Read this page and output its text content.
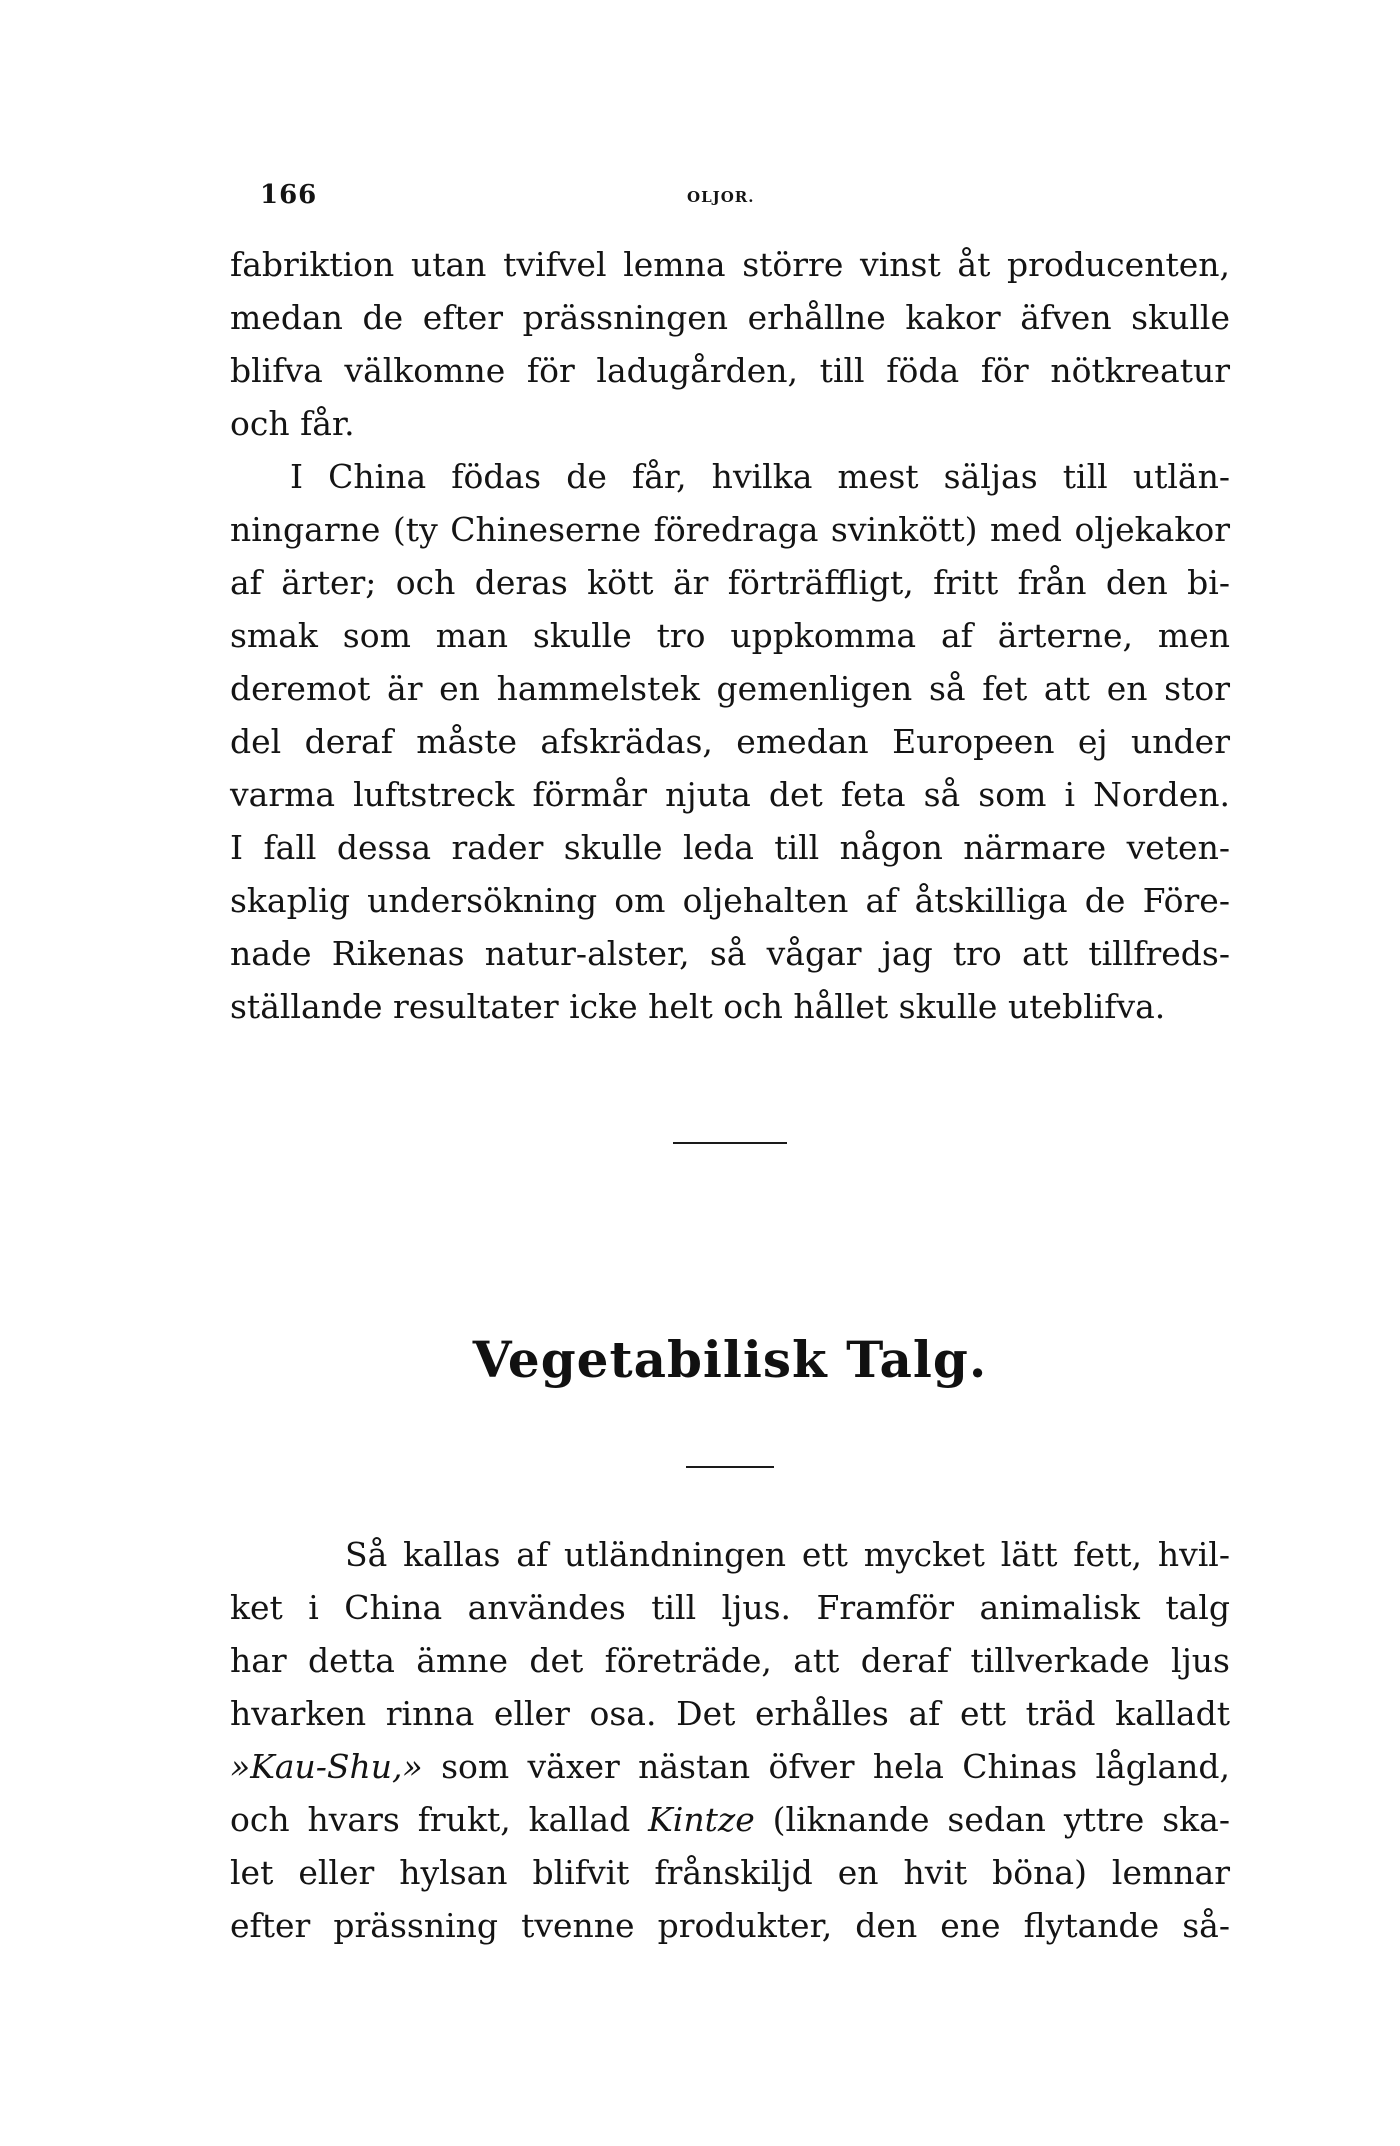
166	OLJOR.
fabriktion utan tvifvel lemna större vinst åt producenten,
medan de efter prässningen erhållne kakor äfven skulle
blifva välkomne för ladugården, till föda för nötkreatur
och får.
I China födas de får, hvilka mest säljas till utlän-
ningarne (ty Chineserne föredraga svinkött) med oljekakor
af ärter; och deras kött är förträffligt, fritt från den bi-
smak som man skulle tro uppkomma af ärterne, men
deremot är en hammelstek gemenligen så fet att en stor
del deraf måste afskrädas, emedan Europeen ej under
varma luftstreck förmår njuta det feta så som i Norden.
I fall dessa rader skulle leda till någon närmare veten-
skaplig undersökning om oljehalten af åtskilliga de Före-
nade Rikenas natur-alster, så vågar jag tro att tillfreds-
ställande resultater icke helt och hållet skulle uteblifva.
Vegetabilisk Talg.
Så kallas af utländningen ett mycket lätt fett, hvil-
ket i China användes till ljus. Framför animalisk talg
har detta ämne det företräde, att deraf tillverkade ljus
hvarken rinna eller osa. Det erhålles af ett träd kalladt
»Kau-Shu,» som växer nästan öfver hela Chinas lågland,
och hvars frukt, kallad Kintze (liknande sedan yttre ska-
let eller hylsan blifvit frånskiljd en hvit böna) lemnar
efter prässning tvenne produkter, den ene flytande så-
